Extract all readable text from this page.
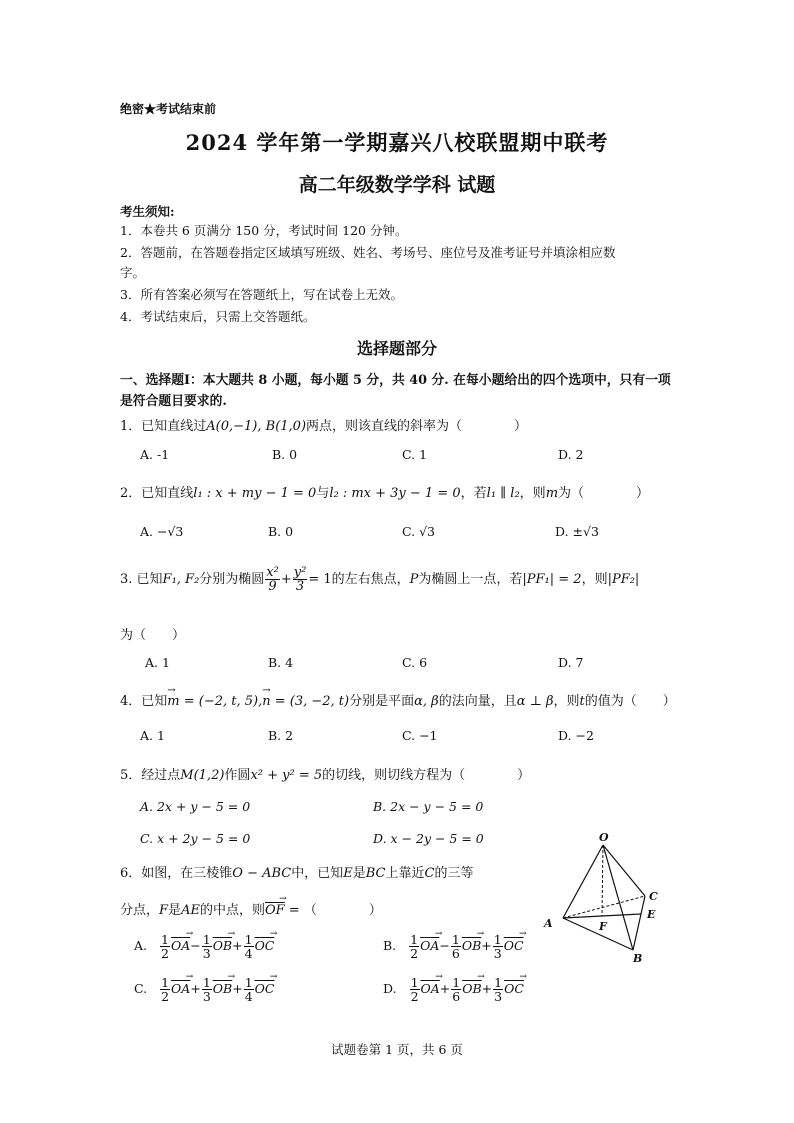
绝密★考试结束前
2024 学年第一学期嘉兴八校联盟期中联考
高二年级数学学科 试题
考生须知:
1．本卷共 6 页满分 150 分，考试时间 120 分钟。
2．答题前，在答题卷指定区域填写班级、姓名、考场号、座位号及准考证号并填涂相应数
字。
3．所有答案必须写在答题纸上，写在试卷上无效。
4．考试结束后，只需上交答题纸。
选择题部分
一、选择题Ⅰ：本大题共 8 小题，每小题 5 分，共 40 分. 在每小题给出的四个选项中，只有一项是符合题目要求的.
1．已知直线过A(0,−1), B(1,0)两点，则该直线的斜率为（　　　　）
A. -1	B. 0	C. 1	D. 2
2．已知直线l₁ : x + my − 1 = 0与l₂ : mx + 3y − 1 = 0，若l₁ ∥ l₂，则m为（　　　　）
A. −√3	B. 0	C. √3	D. ±√3
3. 已知F₁, F₂分别为椭圆 $\frac{\text{x²}}{9} + \frac{\text{y²}}{3} = 1$的左右焦点，P为椭圆上一点，若|PF₁| = 2，则|PF₂|
为（　　）
A. 1	B. 4	C. 6	D. 7
4．已知m
→
= (−2, t, 5),n
→
= (3, −2, t)分别是平面α, β的法向量，且α ⊥ β，则t的值为（　　）
A. 1	B. 2	C. −1	D. −2
5．经过点M(1,2)作圆x² + y² = 5的切线，则切线方程为（　　　　）
A. 2x + y − 5 = 0	B. 2x − y − 5 = 0
C. x + 2y − 5 = 0	D. x − 2y − 5 = 0
6．如图，在三棱锥O − ABC中，已知E是BC上靠近C的三等
分点，F是AE的中点，则$\overline{OF}$
→
= （　　　　）
A. $\frac{1}{2} \overline{OA}$
→
− $\frac{1}{3} \overline{OB}$
→
+ $\frac{1}{4} \overline{OC}$
→
B. $\frac{1}{2} \overline{OA}$
→
− $\frac{1}{6} \overline{OB}$
→
+ $\frac{1}{3} \overline{OC}$
→
C. $\frac{1}{2} \overline{OA}$
→
+ $\frac{1}{3} \overline{OB}$
→
+ $\frac{1}{4} \overline{OC}$
→
D. $\frac{1}{2} \overline{OA}$
→
+ $\frac{1}{6} \overline{OB}$
→
+ $\frac{1}{3} \overline{OC}$
→
O
A
B
C
E
F
试题卷第 1 页，共 6 页
